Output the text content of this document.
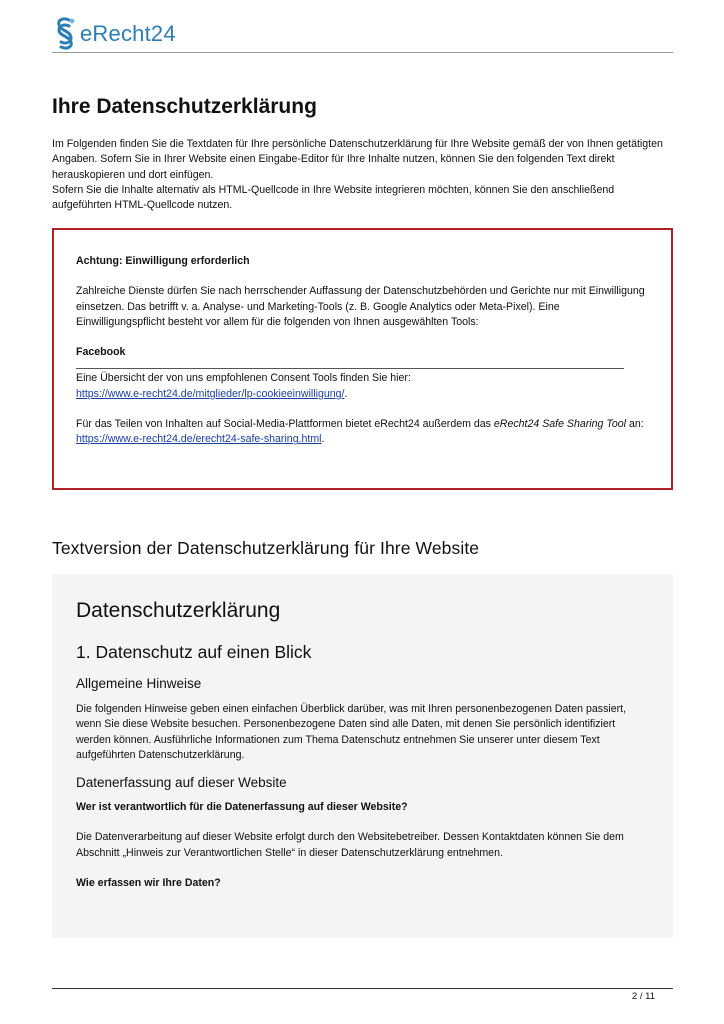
eRecht24
Ihre Datenschutzerklärung

Im Folgenden finden Sie die Textdaten für Ihre persönliche Datenschutzerklärung für Ihre Website gemäß der von Ihnen getätigten Angaben. Sofern Sie in Ihrer Website einen Eingabe-Editor für Ihre Inhalte nutzen, können Sie den folgenden Text direkt herauskopieren und dort einfügen.

Sofern Sie die Inhalte alternativ als HTML-Quellcode in Ihre Website integrieren möchten, können Sie den anschließend aufgeführten HTML-Quellcode nutzen.

Achtung: Einwilligung erforderlich

Zahlreiche Dienste dürfen Sie nach herrschender Auffassung der Datenschutzbehörden und Gerichte nur mit Einwilligung einsetzen. Das betrifft v. a. Analyse- und Marketing-Tools (z. B. Google Analytics oder Meta-Pixel). Eine Einwilligungspflicht besteht vor allem für die folgenden von Ihnen ausgewählten Tools:

Facebook

Eine Übersicht der von uns empfohlenen Consent Tools finden Sie hier:

https://www.e-recht24.de/mitglieder/lp-cookieeinwilligung/.

Für das Teilen von Inhalten auf Social-Media-Plattformen bietet eRecht24 außerdem das eRecht24 Safe Sharing Tool an:

https://www.e-recht24.de/erecht24-safe-sharing.html.

Textversion der Datenschutzerklärung für Ihre Website
Datenschutzerklärung
1. Datenschutz auf einen Blick
Allgemeine Hinweise

Die folgenden Hinweise geben einen einfachen Überblick darüber, was mit Ihren personenbezogenen Daten passiert, wenn Sie diese Website besuchen. Personenbezogene Daten sind alle Daten, mit denen Sie persönlich identifiziert werden können. Ausführliche Informationen zum Thema Datenschutz entnehmen Sie unserer unter diesem Text aufgeführten Datenschutzerklärung.

Datenerfassung auf dieser Website

Wer ist verantwortlich für die Datenerfassung auf dieser Website?

Die Datenverarbeitung auf dieser Website erfolgt durch den Websitebetreiber. Dessen Kontaktdaten können Sie dem Abschnitt „Hinweis zur Verantwortlichen Stelle“ in dieser Datenschutzerklärung entnehmen.

Wie erfassen wir Ihre Daten?

2 / 11
